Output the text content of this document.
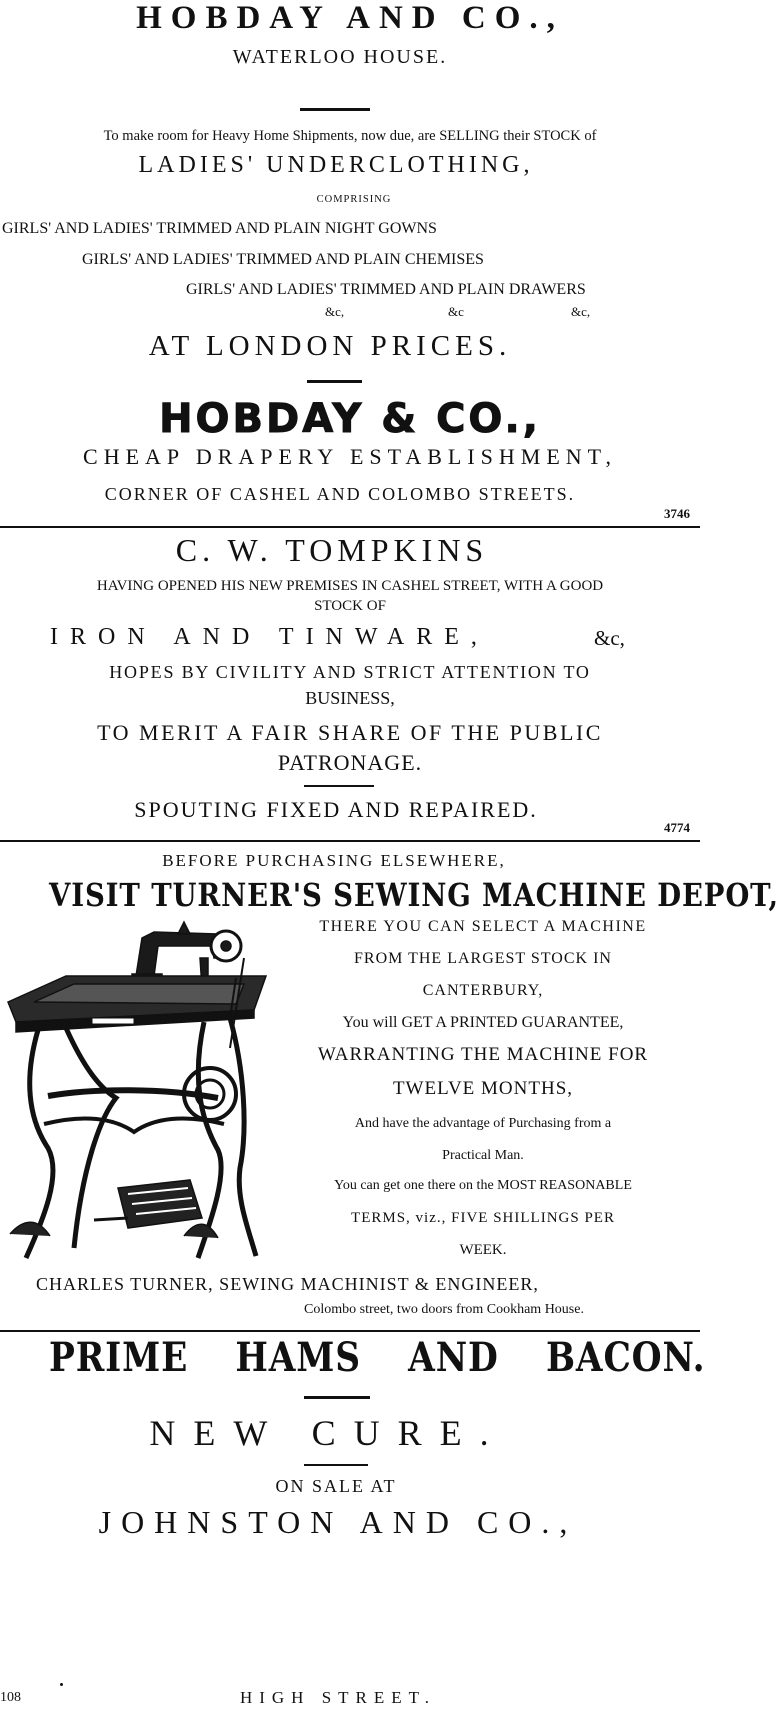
HOBDAY AND CO.,
WATERLOO HOUSE.
To make room for Heavy Home Shipments, now due, are SELLING their STOCK of
LADIES' UNDERCLOTHING,
COMPRISING
GIRLS' AND LADIES' TRIMMED AND PLAIN NIGHT GOWNS
GIRLS' AND LADIES' TRIMMED AND PLAIN CHEMISES
GIRLS' AND LADIES' TRIMMED AND PLAIN DRAWERS
&c,	&c	&c,
AT LONDON PRICES.
HOBDAY & CO.,
CHEAP DRAPERY ESTABLISHMENT,
CORNER OF CASHEL AND COLOMBO STREETS.
3746
C. W. TOMPKINS
HAVING OPENED HIS NEW PREMISES IN CASHEL STREET, WITH A GOOD
STOCK OF
IRON AND TINWARE,	&c,
HOPES BY CIVILITY AND STRICT ATTENTION TO
BUSINESS,
TO MERIT A FAIR SHARE OF THE PUBLIC
PATRONAGE.
SPOUTING FIXED AND REPAIRED.
4774
BEFORE PURCHASING ELSEWHERE,
VISIT TURNER'S SEWING MACHINE DEPOT,
THERE YOU CAN SELECT A MACHINE
FROM THE LARGEST STOCK IN
CANTERBURY,
You will GET A PRINTED GUARANTEE,
WARRANTING THE MACHINE FOR
TWELVE MONTHS,
And have the advantage of Purchasing from a
Practical Man.
You can get one there on the MOST REASONABLE
TERMS, viz., FIVE SHILLINGS PER
WEEK.
CHARLES TURNER, SEWING MACHINIST & ENGINEER,
Colombo street, two doors from Cookham House.
PRIME HAMS AND BACON.
NEW CURE.
ON SALE AT
JOHNSTON AND CO.,
108	HIGH STREET.
